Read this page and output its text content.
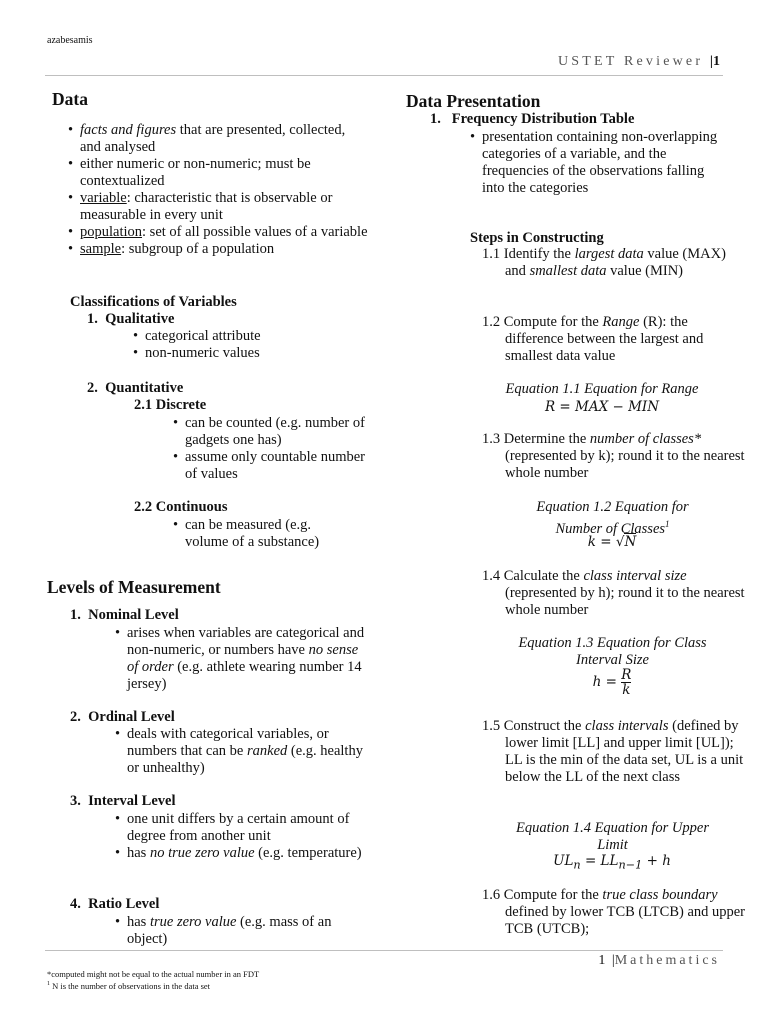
azabesamis
USTET Reviewer |1
Data
• facts and figures that are presented, collected, and analysed
• either numeric or non-numeric; must be contextualized
• variable: characteristic that is observable or measurable in every unit
• population: set of all possible values of a variable
• sample: subgroup of a population
Classifications of Variables
1. Qualitative
• categorical attribute
• non-numeric values
2. Quantitative
2.1 Discrete
• can be counted (e.g. number of gadgets one has)
• assume only countable number of values
2.2 Continuous
• can be measured (e.g. volume of a substance)
Levels of Measurement
1. Nominal Level
• arises when variables are categorical and non-numeric, or numbers have no sense of order (e.g. athlete wearing number 14 jersey)
2. Ordinal Level
• deals with categorical variables, or numbers that can be ranked (e.g. healthy or unhealthy)
3. Interval Level
• one unit differs by a certain amount of degree from another unit
• has no true zero value (e.g. temperature)
4. Ratio Level
• has true zero value (e.g. mass of an object)
Data Presentation
1. Frequency Distribution Table
• presentation containing non-overlapping categories of a variable, and the frequencies of the observations falling into the categories
Steps in Constructing
1.1 Identify the largest data value (MAX) and smallest data value (MIN)
1.2 Compute for the Range (R): the difference between the largest and smallest data value
Equation 1.1 Equation for Range
R = MAX − MIN
1.3 Determine the number of classes* (represented by k); round it to the nearest whole number
Equation 1.2 Equation for Number of Classes$^1$
k = √N
1.4 Calculate the class interval size (represented by h); round it to the nearest whole number
Equation 1.3 Equation for Class Interval Size
$h = \frac{R}{k}$
1.5 Construct the class intervals (defined by lower limit [LL] and upper limit [UL]); LL is the min of the data set, UL is a unit below the LL of the next class
Equation 1.4 Equation for Upper Limit
$UL_n = LL_{n-1} + h$
1.6 Compute for the true class boundary defined by lower TCB (LTCB) and upper TCB (UTCB);
1 |Mathematics
*computed might not be equal to the actual number in an FDT
$^1$ N is the number of observations in the data set
